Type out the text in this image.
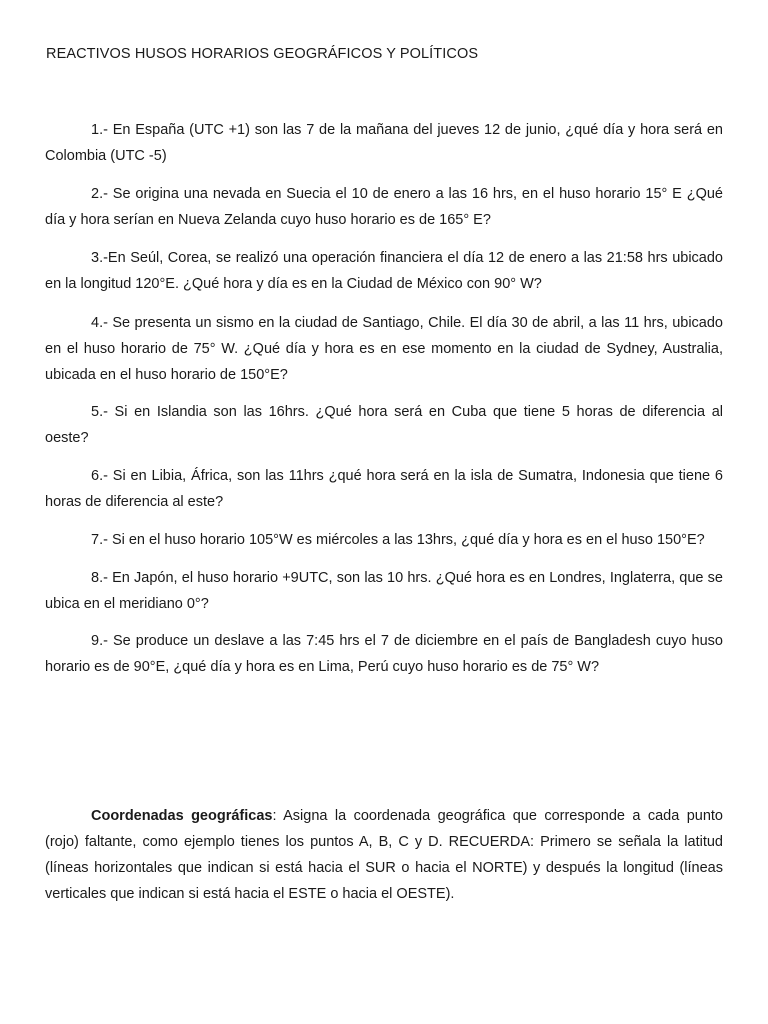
REACTIVOS HUSOS HORARIOS GEOGRÁFICOS Y POLÍTICOS

1.- En España (UTC +1) son las 7 de la mañana del jueves 12 de junio, ¿qué día y hora será en Colombia (UTC -5)

2.- Se origina una nevada en Suecia el 10 de enero a las 16 hrs, en el huso horario 15° E ¿Qué día y hora serían en Nueva Zelanda cuyo huso horario es de 165° E?

3.-En Seúl, Corea, se realizó una operación financiera el día 12 de enero a las 21:58 hrs ubicado en la longitud 120°E. ¿Qué hora y día es en la Ciudad de México con 90° W?

4.- Se presenta un sismo en la ciudad de Santiago, Chile. El día 30 de abril, a las 11 hrs, ubicado en el huso horario de 75° W. ¿Qué día y hora es en ese momento en la ciudad de Sydney, Australia, ubicada en el huso horario de 150°E?

5.- Si en Islandia son las 16hrs. ¿Qué hora será en Cuba que tiene 5 horas de diferencia al oeste?

6.- Si en Libia, África, son las 11hrs ¿qué hora será en la isla de Sumatra, Indonesia que tiene 6 horas de diferencia al este?

7.- Si en el huso horario 105°W es miércoles a las 13hrs, ¿qué día y hora es en el huso 150°E?

8.- En Japón, el huso horario +9UTC, son las 10 hrs. ¿Qué hora es en Londres, Inglaterra, que se ubica en el meridiano 0°?

9.- Se produce un deslave a las 7:45 hrs el 7 de diciembre en el país de Bangladesh cuyo huso horario es de 90°E, ¿qué día y hora es en Lima, Perú cuyo huso horario es de 75° W?

Coordenadas geográficas: Asigna la coordenada geográfica que corresponde a cada punto (rojo) faltante, como ejemplo tienes los puntos A, B, C y D. RECUERDA: Primero se señala la latitud (líneas horizontales que indican si está hacia el SUR o hacia el NORTE) y después la longitud (líneas verticales que indican si está hacia el ESTE o hacia el OESTE).
